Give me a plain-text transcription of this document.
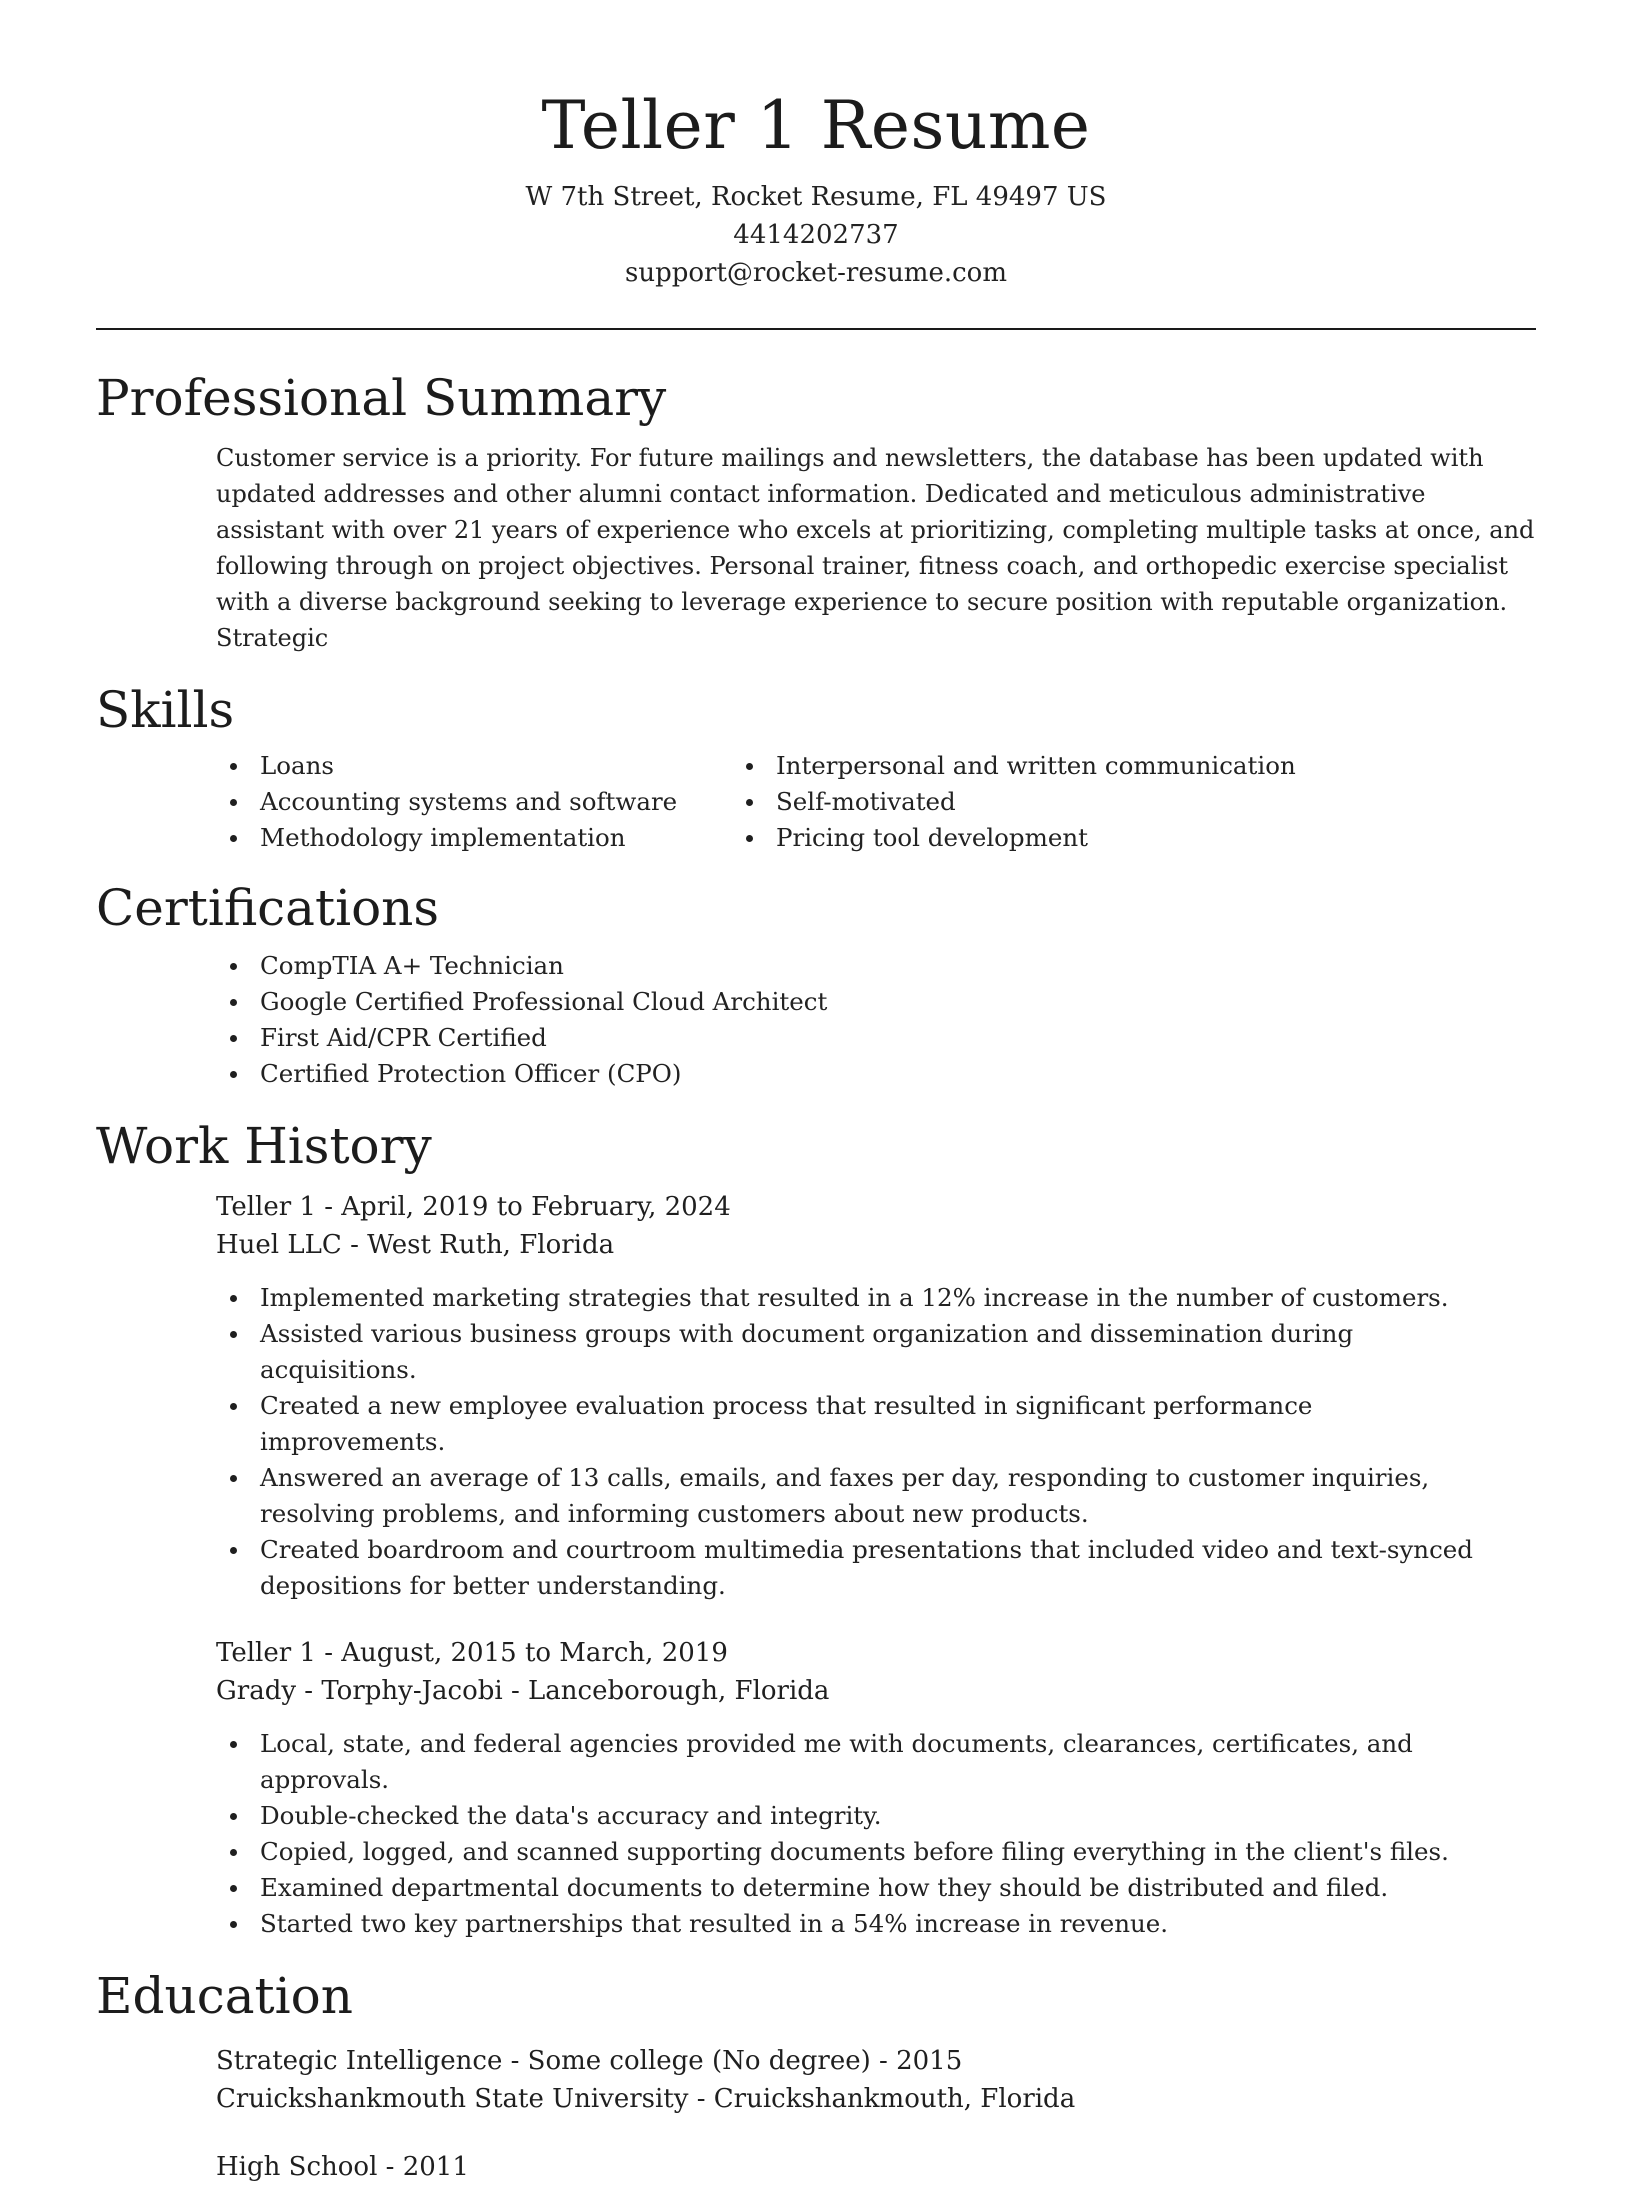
Teller 1 Resume
W 7th Street, Rocket Resume, FL 49497 US
4414202737
support@rocket-resume.com
Professional Summary

Customer service is a priority. For future mailings and newsletters, the database has been updated with updated addresses and other alumni contact information. Dedicated and meticulous administrative assistant with over 21 years of experience who excels at prioritizing, completing multiple tasks at once, and following through on project objectives. Personal trainer, fitness coach, and orthopedic exercise specialist with a diverse background seeking to leverage experience to secure position with reputable organization. Strategic

Skills
Loans
Accounting systems and software
Methodology implementation
Interpersonal and written communication
Self-motivated
Pricing tool development
Certifications
CompTIA A+ Technician
Google Certified Professional Cloud Architect
First Aid/CPR Certified
Certified Protection Officer (CPO)
Work History
Teller 1 - April, 2019 to February, 2024
Huel LLC - West Ruth, Florida
Implemented marketing strategies that resulted in a 12% increase in the number of customers.
Assisted various business groups with document organization and dissemination during acquisitions.
Created a new employee evaluation process that resulted in significant performance improvements.
Answered an average of 13 calls, emails, and faxes per day, responding to customer inquiries, resolving problems, and informing customers about new products.
Created boardroom and courtroom multimedia presentations that included video and text-synced depositions for better understanding.
Teller 1 - August, 2015 to March, 2019
Grady - Torphy-Jacobi - Lanceborough, Florida
Local, state, and federal agencies provided me with documents, clearances, certificates, and approvals.
Double-checked the data's accuracy and integrity.
Copied, logged, and scanned supporting documents before filing everything in the client's files.
Examined departmental documents to determine how they should be distributed and filed.
Started two key partnerships that resulted in a 54% increase in revenue.
Education
Strategic Intelligence - Some college (No degree) - 2015
Cruickshankmouth State University - Cruickshankmouth, Florida
High School - 2011
